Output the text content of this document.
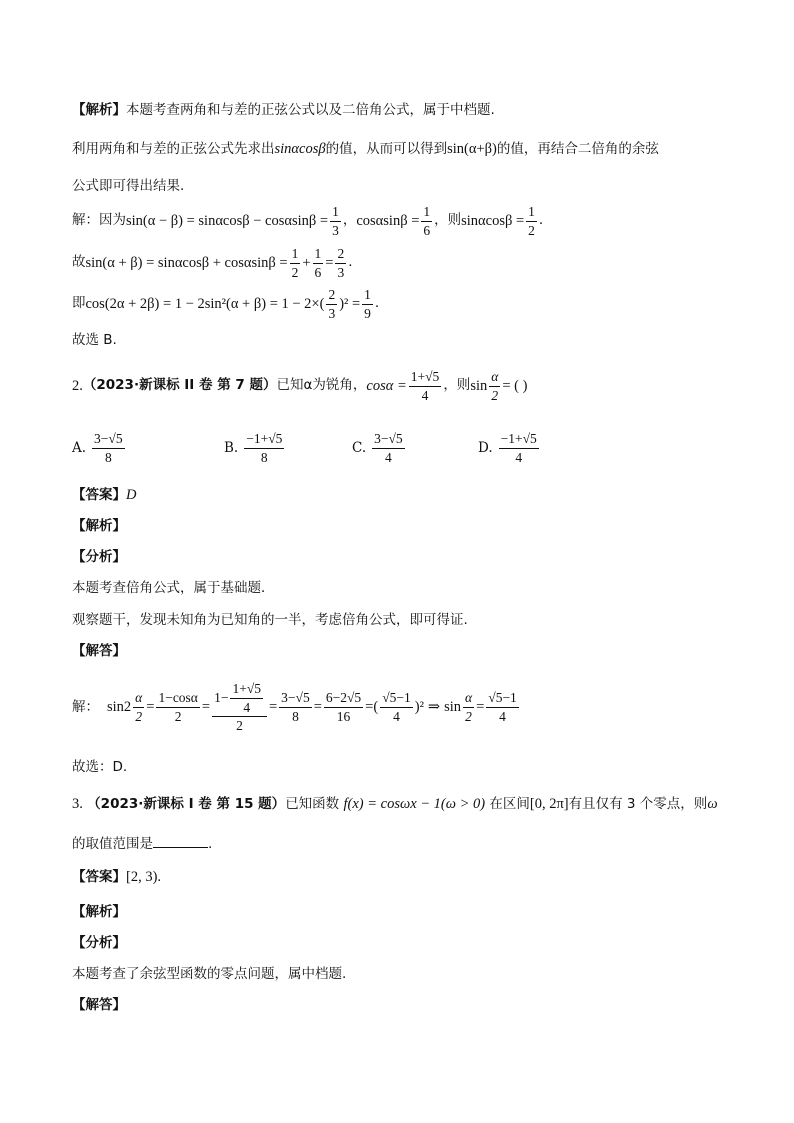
【解析】本题考查两角和与差的正弦公式以及二倍角公式，属于中档题.
利用两角和与差的正弦公式先求出sinαcosβ的值，从而可以得到sin(α+β)的值，再结合二倍角的余弦
公式即可得出结果.
解：因为 $\sin(\alpha - \beta) = \sin\alpha\cos\beta - \cos\alpha\sin\beta = \frac{1}{3}$ ， $\cos\alpha\sin\beta = \frac{1}{6}$ ，则 $\sin\alpha\cos\beta = \frac{1}{2}$ .
故 $\sin(\alpha + \beta) = \sin\alpha\cos\beta + \cos\alpha\sin\beta = \frac{1}{2} + \frac{1}{6} = \frac{2}{3}$ .
即 $\cos(2\alpha + 2\beta) = 1 - 2\sin^2(\alpha + \beta) = 1 - 2\times( \frac{2}{3} )^2 = \frac{1}{9}$ .
故选 B.
2. （2023·新课标 II 卷 第 7 题） 已知α为锐角， $\cos\alpha = \frac{1+√5}{4}$ ，则 $\sin \frac{\alpha}{2}$ = ( )
A. $\frac{3-√5}{8}$	B. $\frac{-1+√5}{8}$	C. $\frac{3-√5}{4}$	D. $\frac{-1+√5}{4}$
【答案】D
【解析】
【分析】
本题考查倍角公式，属于基础题．
观察题干，发现未知角为已知角的一半，考虑倍角公式，即可得证.
【解答】
解： $\sin 2 \frac{\alpha}{2} = \frac{1-\cos\alpha}{2} = \frac{1- \frac{1+√5}{4}}{2} = \frac{3-√5}{8} = \frac{6-2√5}{16}$ = ( $\frac{√5-1}{4} )^2$ ⇒ $\sin \frac{\alpha}{2} = \frac{√5-1}{4}$
故选：D.
3. （2023·新课标 I 卷 第 15 题）已知函数 f(x) = cosωx − 1(ω > 0) 在区间[0, 2π]有且仅有 3 个零点，则ω
的取值范围是	.
【答案】[2, 3).
【解析】
【分析】
本题考查了余弦型函数的零点问题，属中档题.
【解答】
